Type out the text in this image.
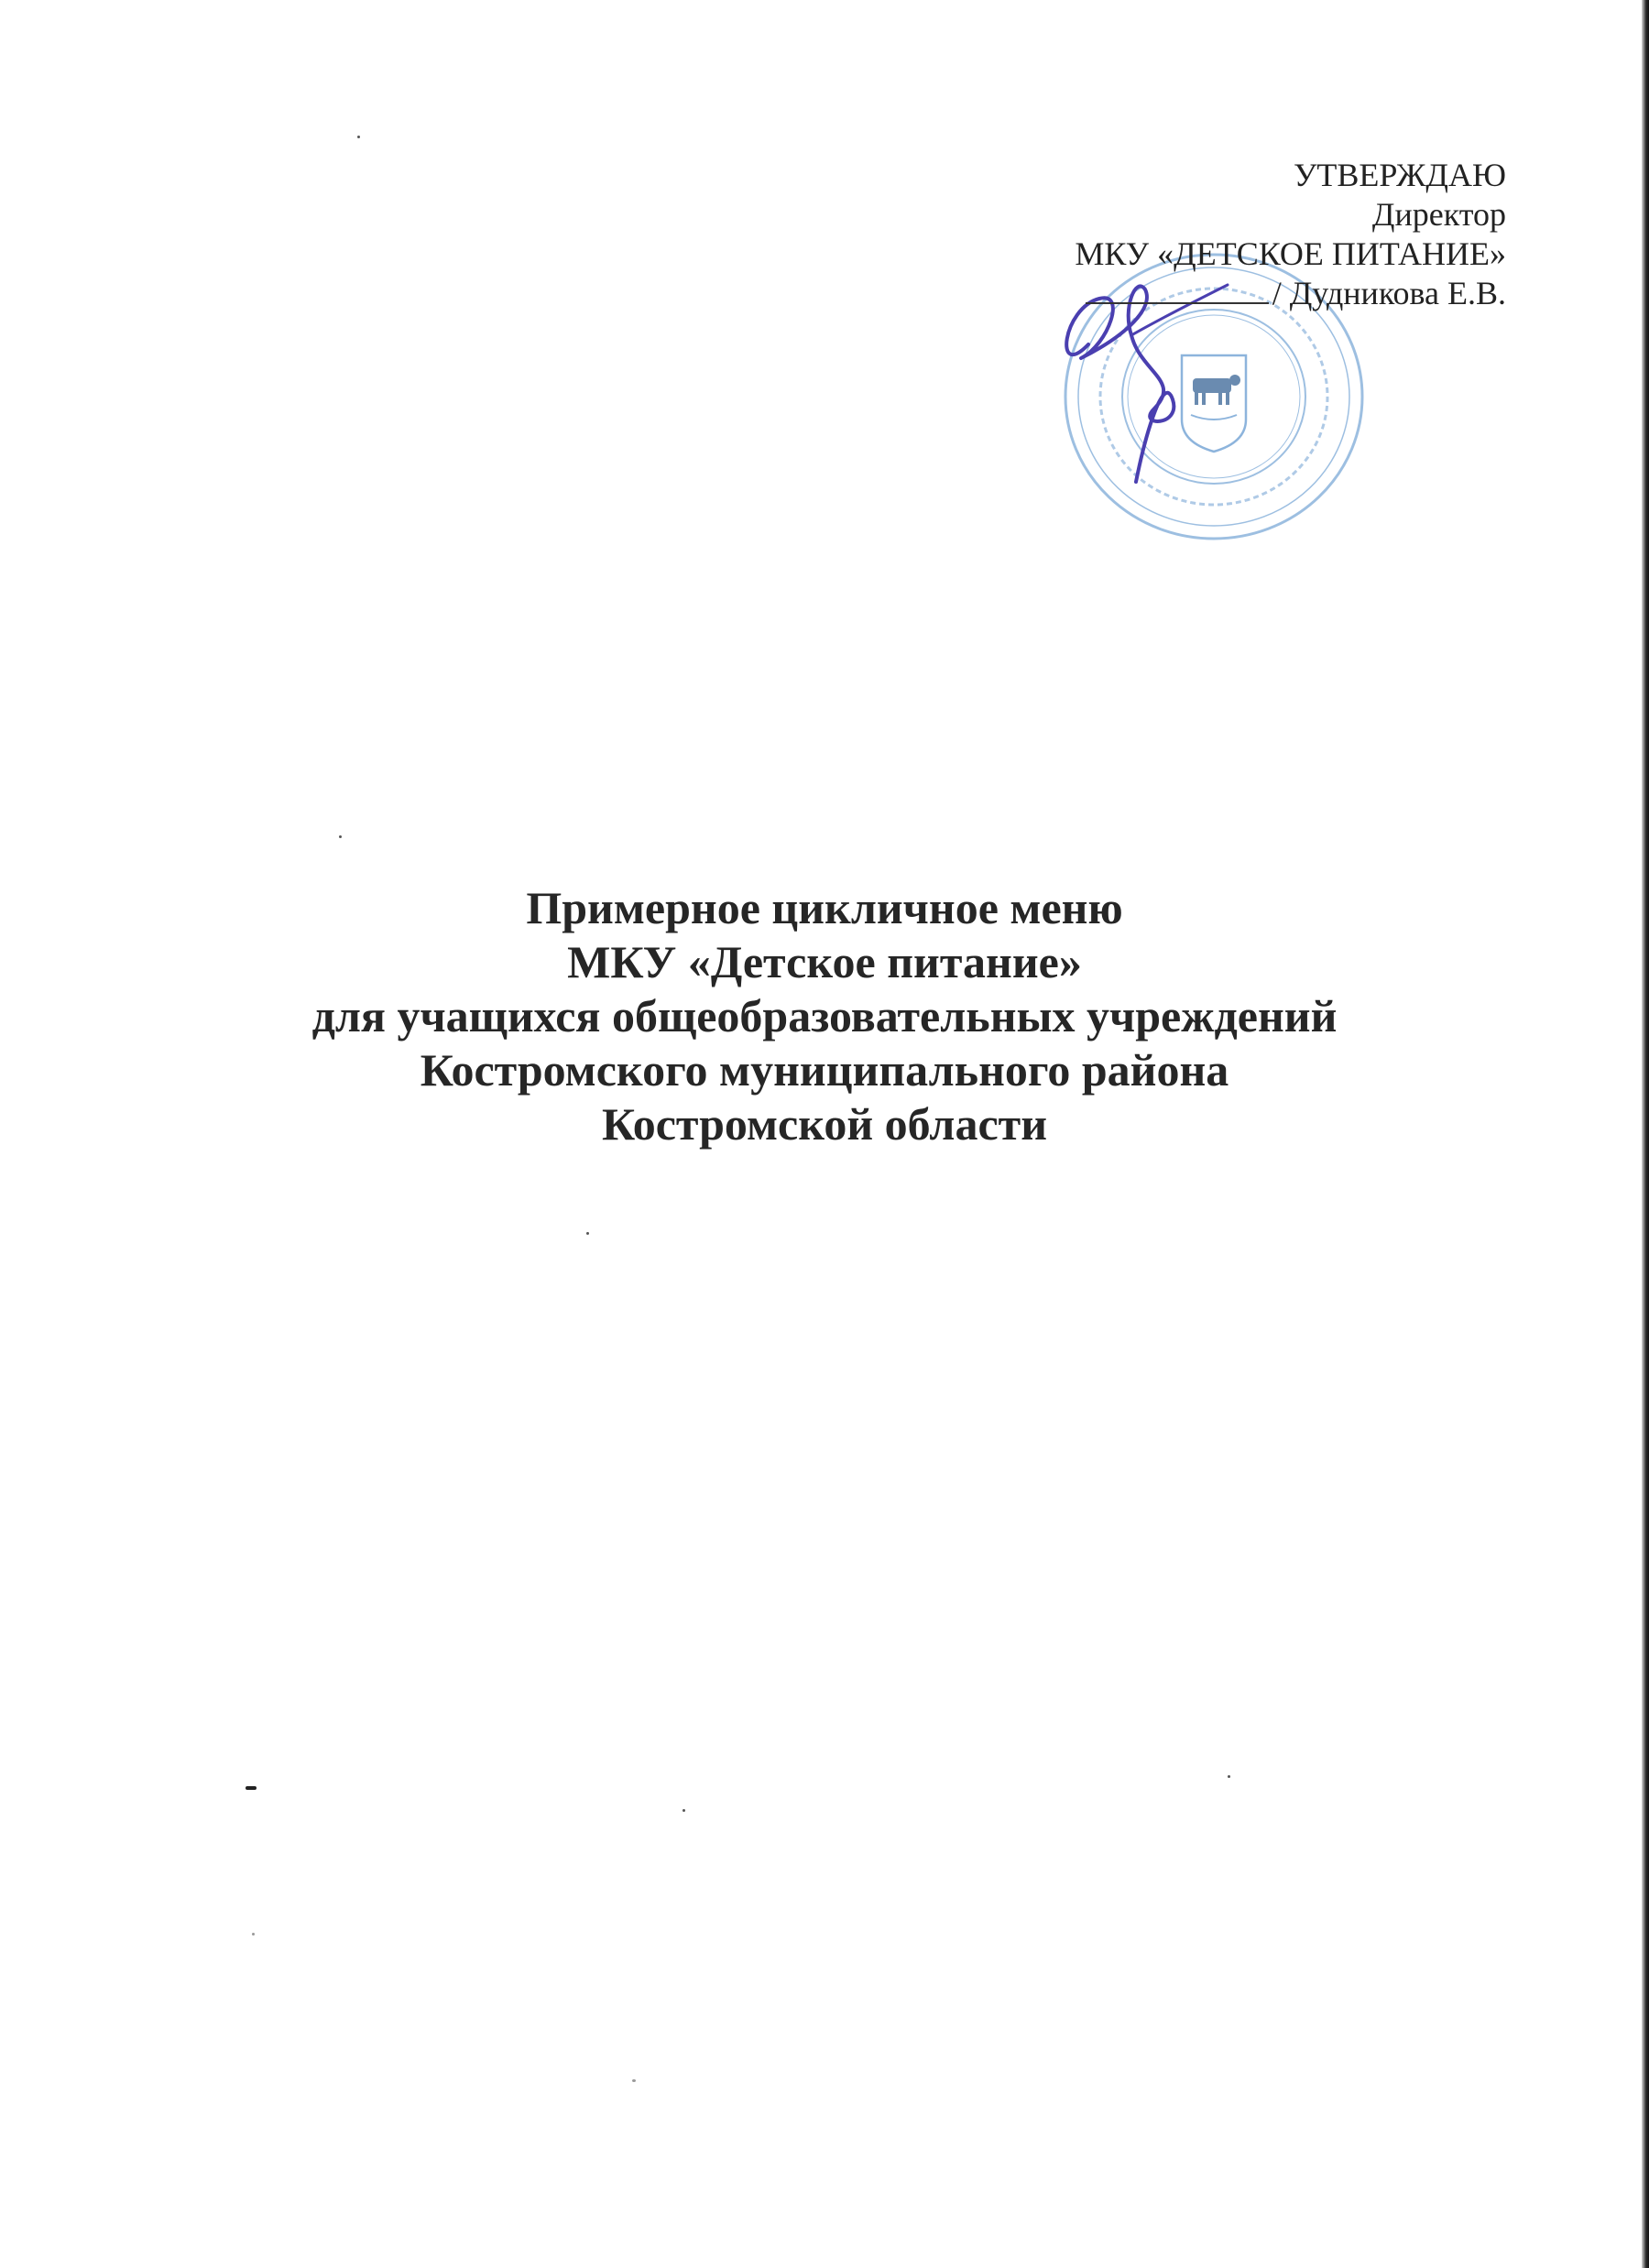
УТВЕРЖДАЮ
Директор
МКУ «ДЕТСКОЕ ПИТАНИЕ»
/ Дудникова Е.В.
Примерное цикличное меню
МКУ «Детское питание»
для учащихся общеобразовательных учреждений
Костромского муниципального района
Костромской области
